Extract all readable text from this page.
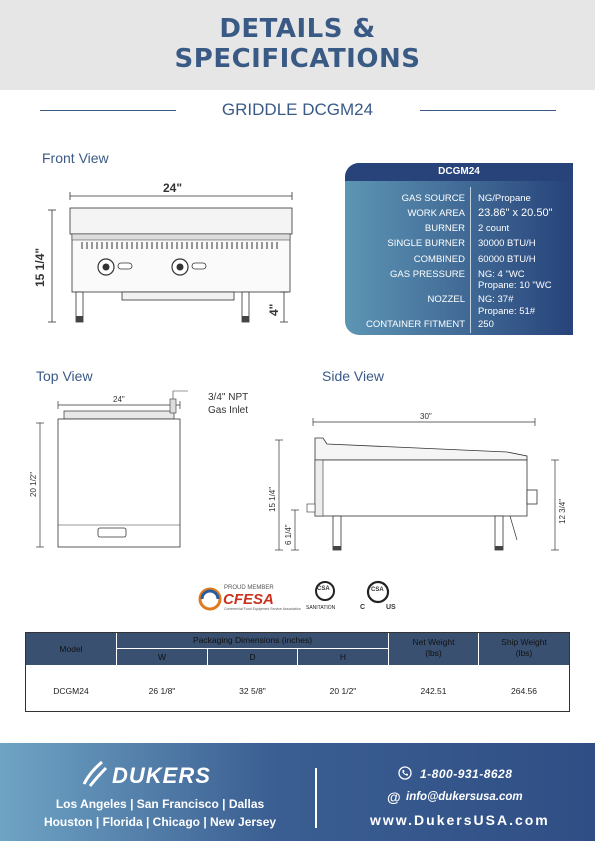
DETAILS &
SPECIFICATIONS
GRIDDLE DCGM24
Front View
24"
15 1/4"
4"
DCGM24
GAS SOURCE NG/Propane
WORK AREA 23.86" x 20.50"
BURNER 2 count
SINGLE BURNER 30000 BTU/H
COMBINED 60000 BTU/H
GAS PRESSURE NG: 4 "WC
Propane: 10 "WC
NOZZEL NG: 37#
Propane: 51#
CONTAINER FITMENT 250
Top View
24"
20 1/2"
3/4" NPT
Gas Inlet
Side View
30"
15 1/4"
6 1/4"
12 3/4"
PROUD MEMBER
CFESA
Commercial Food Equipment Service Association
CSA
SANITATION
CSA
C	US
Model
Packaging Dimensions (inches)
W	D	H
Net Weight
(lbs)
Ship Weight
(lbs)
DCGM24	26 1/8"	32 5/8"	20 1/2"	242.51	264.56
DUKERS
Los Angeles | San Francisco | Dallas
Houston | Florida | Chicago | New Jersey
1-800-931-8628
@ info@dukersusa.com
www.DukersUSA.com
